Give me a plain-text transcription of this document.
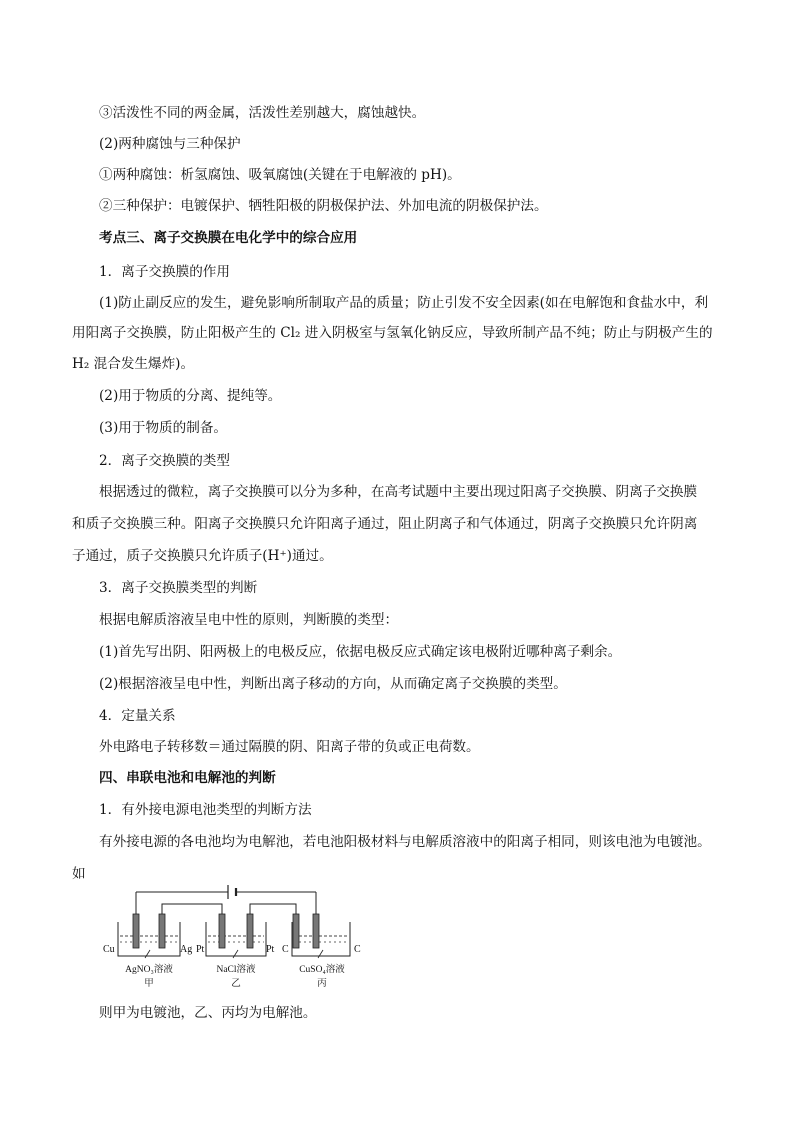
③活泼性不同的两金属，活泼性差别越大，腐蚀越快。
(2)两种腐蚀与三种保护
①两种腐蚀：析氢腐蚀、吸氧腐蚀(关键在于电解液的 pH)。
②三种保护：电镀保护、牺牲阳极的阴极保护法、外加电流的阴极保护法。
考点三、离子交换膜在电化学中的综合应用
1．离子交换膜的作用
(1)防止副反应的发生，避免影响所制取产品的质量；防止引发不安全因素(如在电解饱和食盐水中，利
用阳离子交换膜，防止阳极产生的 Cl₂ 进入阴极室与氢氧化钠反应，导致所制产品不纯；防止与阴极产生的
H₂ 混合发生爆炸)。
(2)用于物质的分离、提纯等。
(3)用于物质的制备。
2．离子交换膜的类型
根据透过的微粒，离子交换膜可以分为多种，在高考试题中主要出现过阳离子交换膜、阴离子交换膜
和质子交换膜三种。阳离子交换膜只允许阳离子通过，阻止阴离子和气体通过，阴离子交换膜只允许阴离
子通过，质子交换膜只允许质子(H⁺)通过。
3．离子交换膜类型的判断
根据电解质溶液呈电中性的原则，判断膜的类型：
(1)首先写出阴、阳两极上的电极反应，依据电极反应式确定该电极附近哪种离子剩余。
(2)根据溶液呈电中性，判断出离子移动的方向，从而确定离子交换膜的类型。
4．定量关系
外电路电子转移数＝通过隔膜的阴、阳离子带的负或正电荷数。
四、串联电池和电解池的判断
1．有外接电源电池类型的判断方法
有外接电源的各电池均为电解池，若电池阳极材料与电解质溶液中的阳离子相同，则该电池为电镀池。
如
Cu	Ag Pt	Pt C	C
AgNO₃溶液	NaCl溶液	CuSO₄溶液
甲	乙	丙
则甲为电镀池，乙、丙均为电解池。
